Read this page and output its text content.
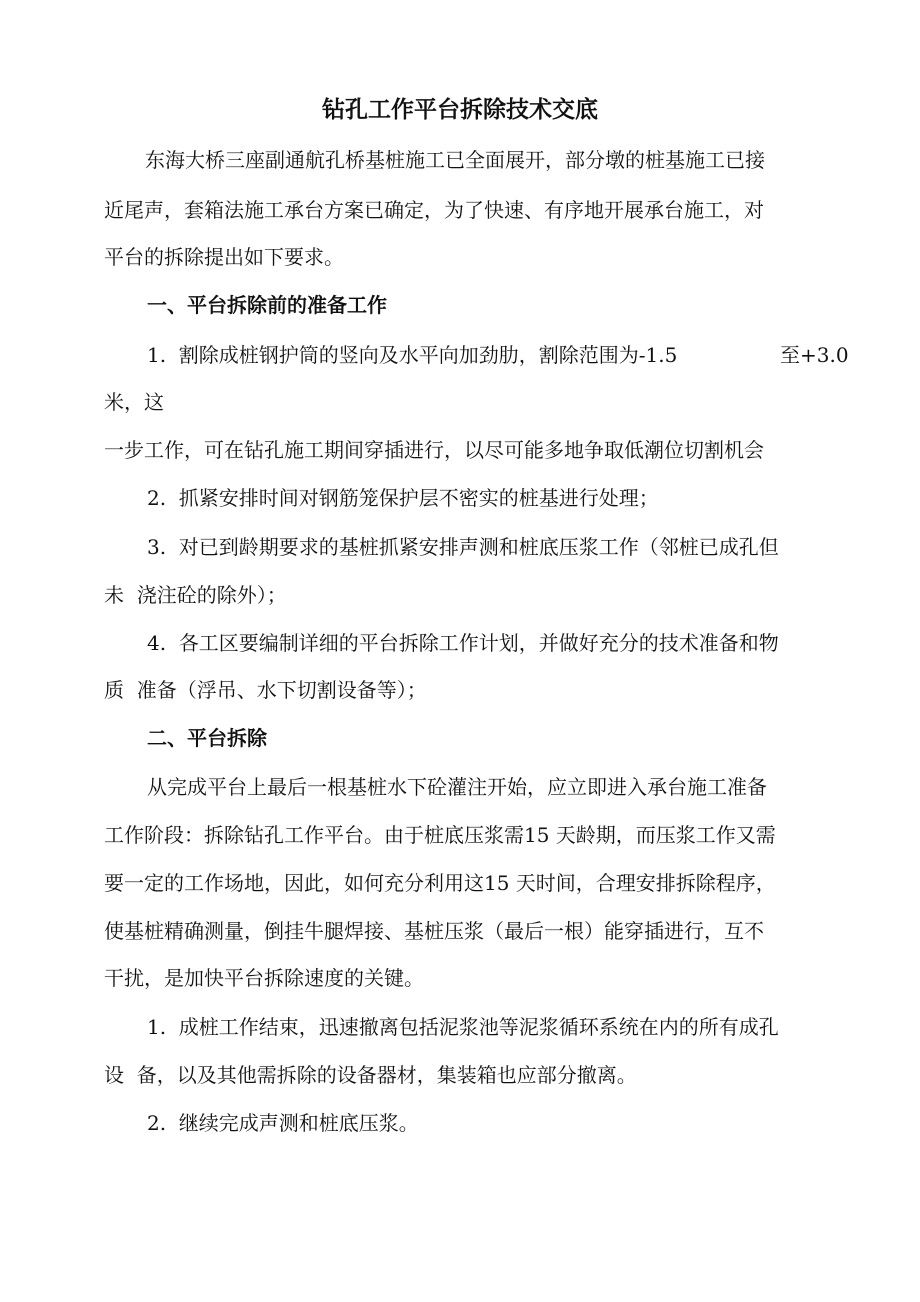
钻孔工作平台拆除技术交底

东海大桥三座副通航孔桥基桩施工已全面展开，部分墩的桩基施工已接

近尾声，套箱法施工承台方案已确定，为了快速、有序地开展承台施工，对

平台的拆除提出如下要求。

一、平台拆除前的准备工作

1.  割除成桩钢护筒的竖向及水平向加劲肋，割除范围为-1.5	至+3.0

米，这

一步工作，可在钻孔施工期间穿插进行，以尽可能多地争取低潮位切割机会

2.  抓紧安排时间对钢筋笼保护层不密实的桩基进行处理；

3.  对已到龄期要求的基桩抓紧安排声测和桩底压浆工作（邻桩已成孔但

未  浇注砼的除外）；

4.  各工区要编制详细的平台拆除工作计划，并做好充分的技术准备和物

质  准备（浮吊、水下切割设备等）；

二、平台拆除

从完成平台上最后一根基桩水下砼灌注开始，应立即进入承台施工准备

工作阶段：拆除钻孔工作平台。由于桩底压浆需15 天龄期，而压浆工作又需

要一定的工作场地，因此，如何充分利用这15 天时间，合理安排拆除程序，

使基桩精确测量，倒挂牛腿焊接、基桩压浆（最后一根）能穿插进行，互不

干扰，是加快平台拆除速度的关键。

1.  成桩工作结束，迅速撤离包括泥浆池等泥浆循环系统在内的所有成孔

设  备，以及其他需拆除的设备器材，集装箱也应部分撤离。

2.  继续完成声测和桩底压浆。
